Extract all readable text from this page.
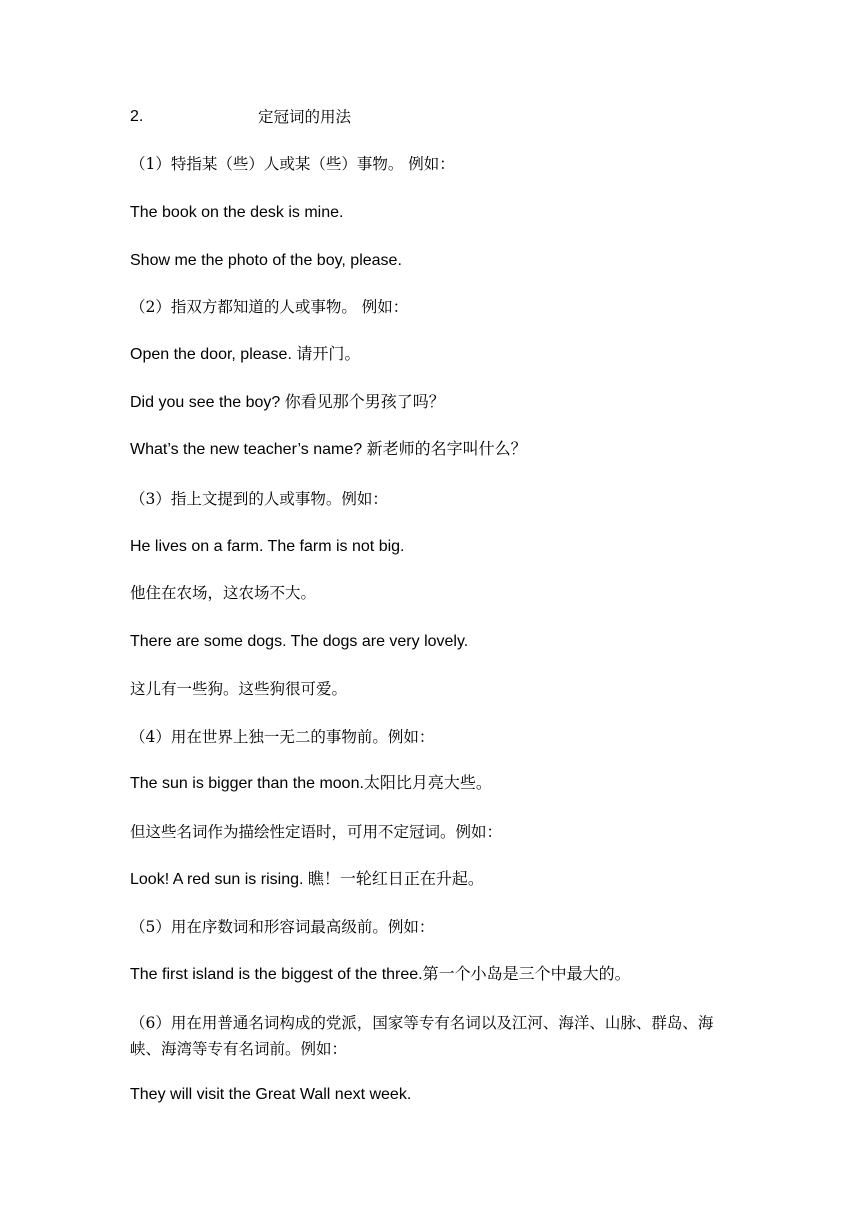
2.	定冠词的用法
（1）特指某（些）人或某（些）事物。 例如：
The book on the desk is mine.
Show me the photo of the boy, please.
（2）指双方都知道的人或事物。 例如：
Open the door, please. 请开门。
Did you see the boy? 你看见那个男孩了吗？
What’s the new teacher’s name? 新老师的名字叫什么？
（3）指上文提到的人或事物。例如：
He lives on a farm. The farm is not big.
他住在农场，这农场不大。
There are some dogs. The dogs are very lovely.
这儿有一些狗。这些狗很可爱。
（4）用在世界上独一无二的事物前。例如：
The sun is bigger than the moon.太阳比月亮大些。
但这些名词作为描绘性定语时，可用不定冠词。例如：
Look! A red sun is rising. 瞧！一轮红日正在升起。
（5）用在序数词和形容词最高级前。例如：
The first island is the biggest of the three.第一个小岛是三个中最大的。
（6）用在用普通名词构成的党派，国家等专有名词以及江河、海洋、山脉、群岛、海峡、海湾等专有名词前。例如：
They will visit the Great Wall next week.
